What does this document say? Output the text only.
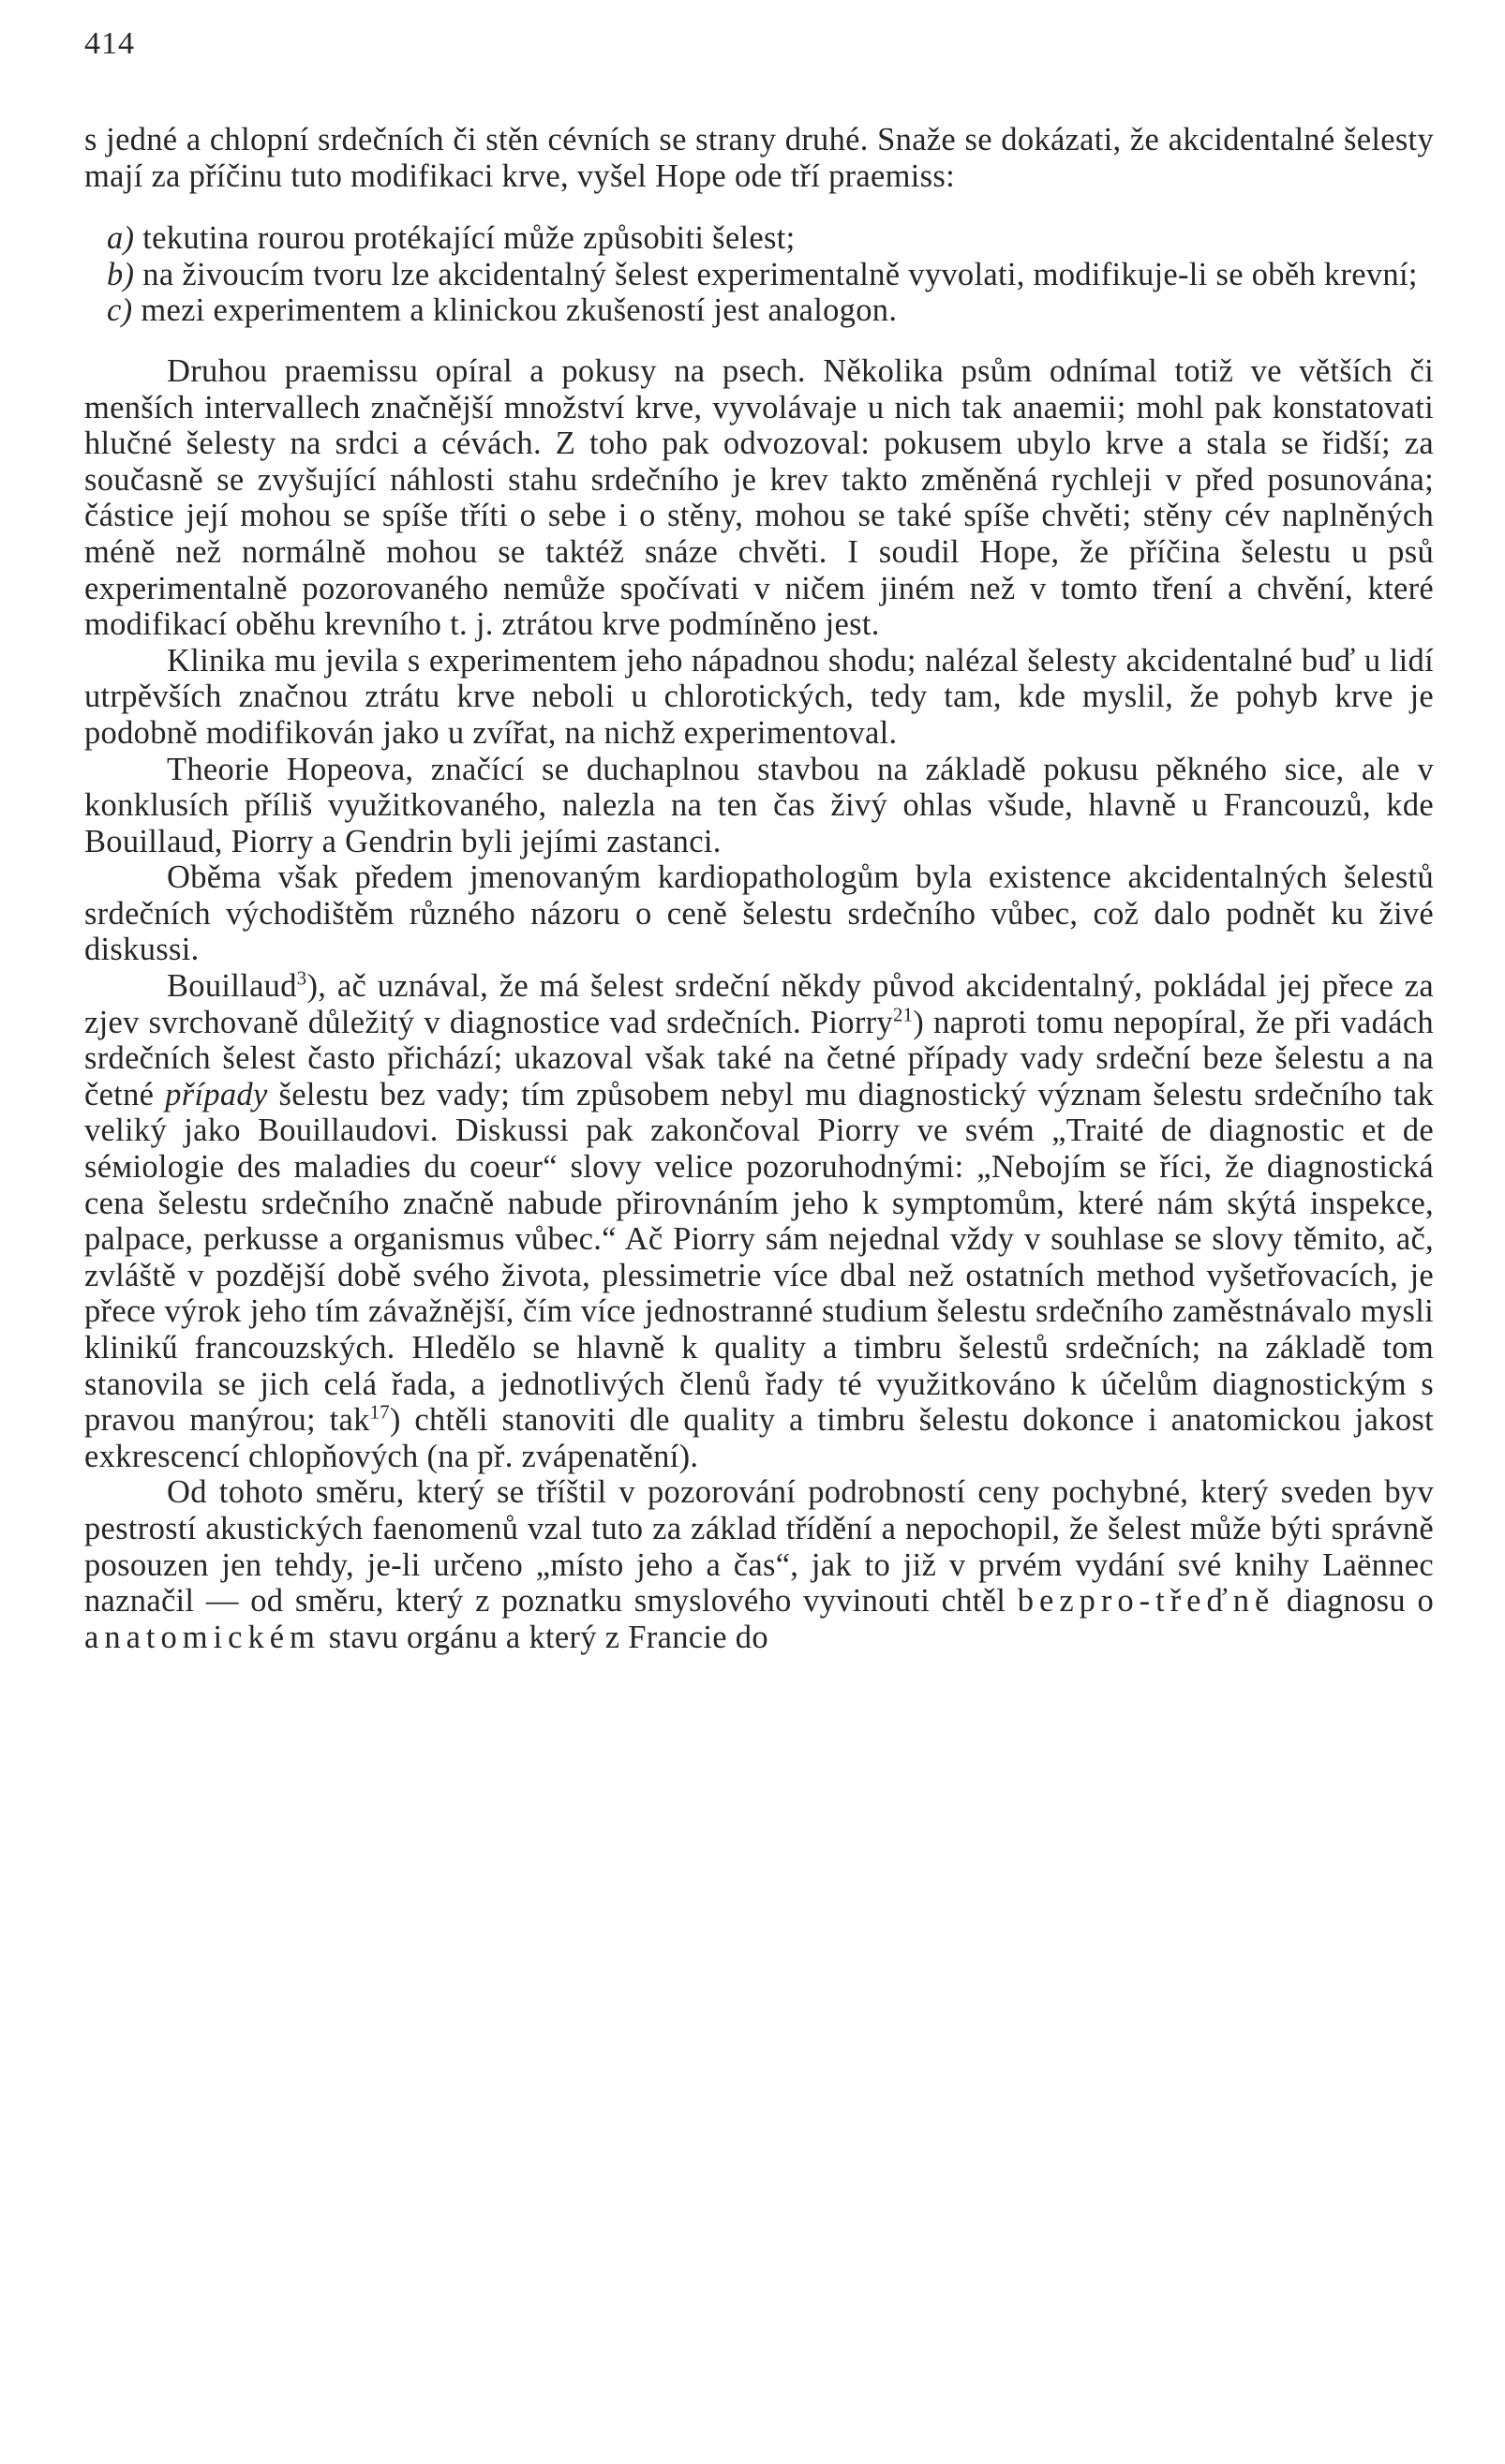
414

s jedné a chlopní srdečních či stěn cévních se strany druhé. Snaže se dokázati, že akcidentalné šelesty mají za příčinu tuto modifikaci krve, vyšel Hope ode tří praemiss:

a) tekutina rourou protékající může způsobiti šelest;

b) na živoucím tvoru lze akcidentalný šelest experimentalně vyvolati, modifikuje-li se oběh krevní;

c) mezi experimentem a klinickou zkušeností jest analogon.

Druhou praemissu opíral a pokusy na psech. Několika psům odnímal totiž ve větších či menších intervallech značnější množství krve, vyvolávaje u nich tak anaemii; mohl pak konstatovati hlučné šelesty na srdci a cévách. Z toho pak odvozoval: pokusem ubylo krve a stala se řidší; za současně se zvyšující náhlosti stahu srdečního je krev takto změněná rychleji v před posunována; částice její mohou se spíše tříti o sebe i o stěny, mohou se také spíše chvěti; stěny cév naplněných méně než normálně mohou se taktéž snáze chvěti. I soudil Hope, že příčina šelestu u psů experimentalně pozorovaného nemůže spočívati v ničem jiném než v tomto tření a chvění, které modifikací oběhu krevního t. j. ztrátou krve podmíněno jest.

Klinika mu jevila s experimentem jeho nápadnou shodu; nalézal šelesty akcidentalné buď u lidí utrpěvších značnou ztrátu krve neboli u chlorotických, tedy tam, kde myslil, že pohyb krve je podobně modifikován jako u zvířat, na nichž experimentoval.

Theorie Hopeova, značící se duchaplnou stavbou na základě pokusu pěkného sice, ale v konklusích příliš využitkovaného, nalezla na ten čas živý ohlas všude, hlavně u Francouzů, kde Bouillaud, Piorry a Gendrin byli jejími zastanci.

Oběma však předem jmenovaným kardiopathologům byla existence akcidentalných šelestů srdečních východištěm různého názoru o ceně šelestu srdečního vůbec, což dalo podnět ku živé diskussi.

Bouillaud$^3$), ač uznával, že má šelest srdeční někdy původ akcidentalný, pokládal jej přece za zjev svrchovaně důležitý v diagnostice vad srdečních. Piorry$^{21}$) naproti tomu nepopíral, že při vadách srdečních šelest často přichází; ukazoval však také na četné případy vady srdeční beze šelestu a na četné případy šelestu bez vady; tím způsobem nebyl mu diagnostický význam šelestu srdečního tak veliký jako Bouillaudovi. Diskussi pak zakončoval Piorry ve svém „Traité de diagnostic et de séміologie des maladies du coeur“ slovy velice pozoruhodnými: „Nebojím se říci, že diagnostická cena šelestu srdečního značně nabude přirovnáním jeho k symptomům, které nám skýtá inspekce, palpace, perkusse a organismus vůbec.“ Ač Piorry sám nejednal vždy v souhlase se slovy těmito, ač, zvláště v pozdější době svého života, plessimetrie více dbal než ostatních method vyšetřovacích, je přece výrok jeho tím závažnější, čím více jednostranné studium šelestu srdečního zaměstnávalo mysli klinikű francouzských. Hledělo se hlavně k quality a timbru šelestů srdečních; na základě tom stanovila se jich celá řada, a jednotlivých členů řady té využitkováno k účelům diagnostickým s pravou manýrou; tak$^{17}$) chtěli stanoviti dle quality a timbru šelestu dokonce i anatomickou jakost exkrescencí chlopňových (na př. zvápenatění).

Od tohoto směru, který se tříštil v pozorování podrobností ceny pochybné, který sveden byv pestrostí akustických faenomenů vzal tuto za základ třídění a nepochopil, že šelest může býti správně posouzen jen tehdy, je-li určeno „místo jeho a čas“, jak to již v prvém vydání své knihy Laënnec naznačil — od směru, který z poznatku smyslového vyvinouti chtěl bezpro-třeďně diagnosu o anatomickém stavu orgánu a který z Francie do
